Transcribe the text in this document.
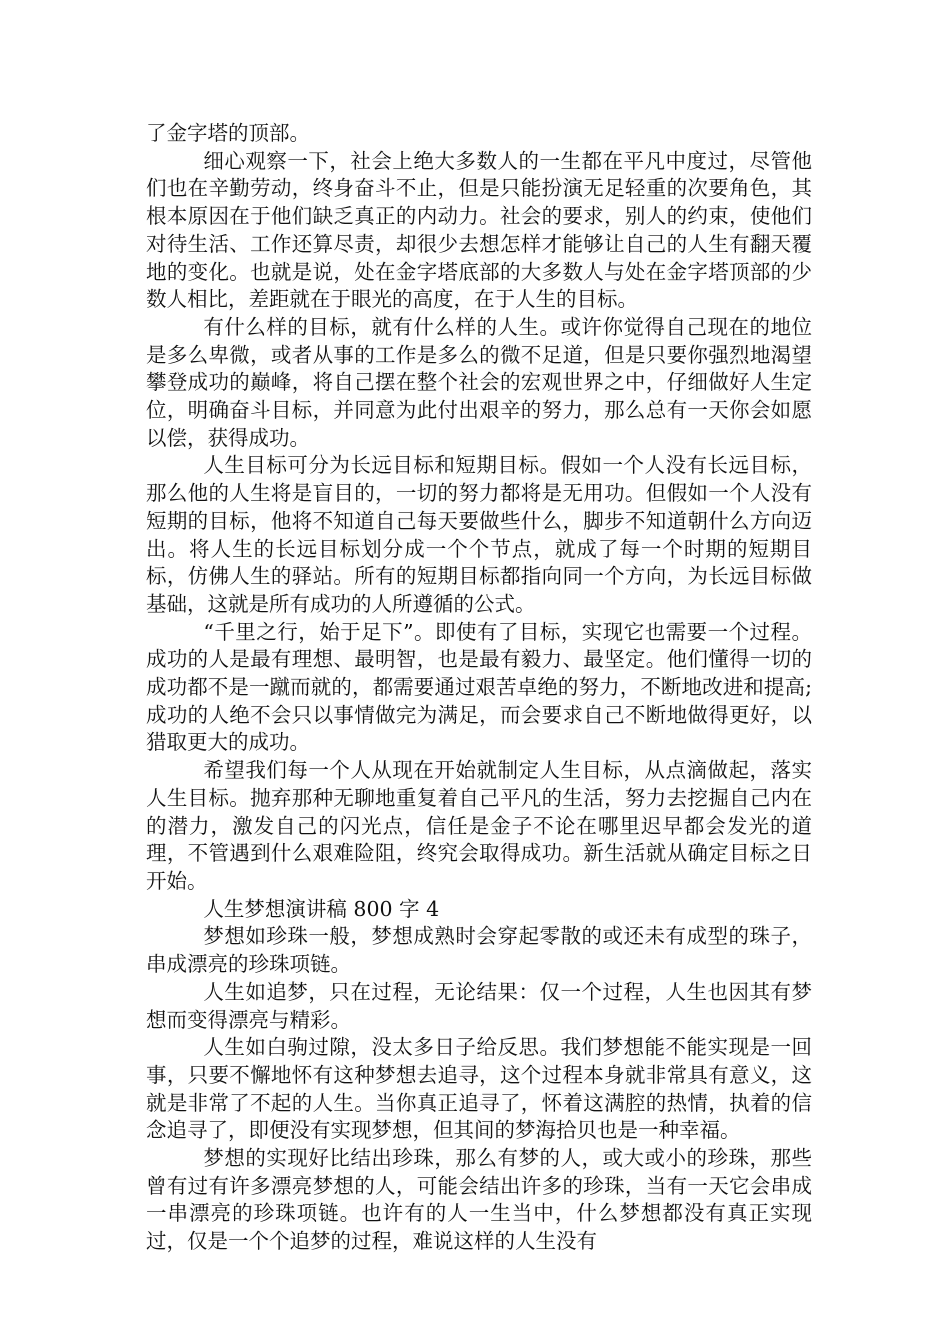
了金字塔的顶部。

细心观察一下，社会上绝大多数人的一生都在平凡中度过，尽管他们也在辛勤劳动，终身奋斗不止，但是只能扮演无足轻重的次要角色，其根本原因在于他们缺乏真正的内动力。社会的要求，别人的约束，使他们对待生活、工作还算尽责，却很少去想怎样才能够让自己的人生有翻天覆地的变化。也就是说，处在金字塔底部的大多数人与处在金字塔顶部的少数人相比，差距就在于眼光的高度，在于人生的目标。

有什么样的目标，就有什么样的人生。或许你觉得自己现在的地位是多么卑微，或者从事的工作是多么的微不足道，但是只要你强烈地渴望攀登成功的巅峰，将自己摆在整个社会的宏观世界之中，仔细做好人生定位，明确奋斗目标，并同意为此付出艰辛的努力，那么总有一天你会如愿以偿，获得成功。

人生目标可分为长远目标和短期目标。假如一个人没有长远目标，那么他的人生将是盲目的，一切的努力都将是无用功。但假如一个人没有短期的目标，他将不知道自己每天要做些什么，脚步不知道朝什么方向迈出。将人生的长远目标划分成一个个节点，就成了每一个时期的短期目标，仿佛人生的驿站。所有的短期目标都指向同一个方向，为长远目标做基础，这就是所有成功的人所遵循的公式。

“千里之行，始于足下”。即使有了目标，实现它也需要一个过程。成功的人是最有理想、最明智，也是最有毅力、最坚定。他们懂得一切的成功都不是一蹴而就的，都需要通过艰苦卓绝的努力，不断地改进和提高;成功的人绝不会只以事情做完为满足，而会要求自己不断地做得更好，以猎取更大的成功。

希望我们每一个人从现在开始就制定人生目标，从点滴做起，落实人生目标。抛弃那种无聊地重复着自己平凡的生活，努力去挖掘自己内在的潜力，激发自己的闪光点，信任是金子不论在哪里迟早都会发光的道理，不管遇到什么艰难险阻，终究会取得成功。新生活就从确定目标之日开始。

人生梦想演讲稿 800 字 4

梦想如珍珠一般，梦想成熟时会穿起零散的或还未有成型的珠子，串成漂亮的珍珠项链。

人生如追梦，只在过程，无论结果：仅一个过程，人生也因其有梦想而变得漂亮与精彩。

人生如白驹过隙，没太多日子给反思。我们梦想能不能实现是一回事，只要不懈地怀有这种梦想去追寻，这个过程本身就非常具有意义，这就是非常了不起的人生。当你真正追寻了，怀着这满腔的热情，执着的信念追寻了，即便没有实现梦想，但其间的梦海拾贝也是一种幸福。

梦想的实现好比结出珍珠，那么有梦的人，或大或小的珍珠，那些曾有过有许多漂亮梦想的人，可能会结出许多的珍珠，当有一天它会串成一串漂亮的珍珠项链。也许有的人一生当中，什么梦想都没有真正实现过，仅是一个个追梦的过程，难说这样的人生没有
